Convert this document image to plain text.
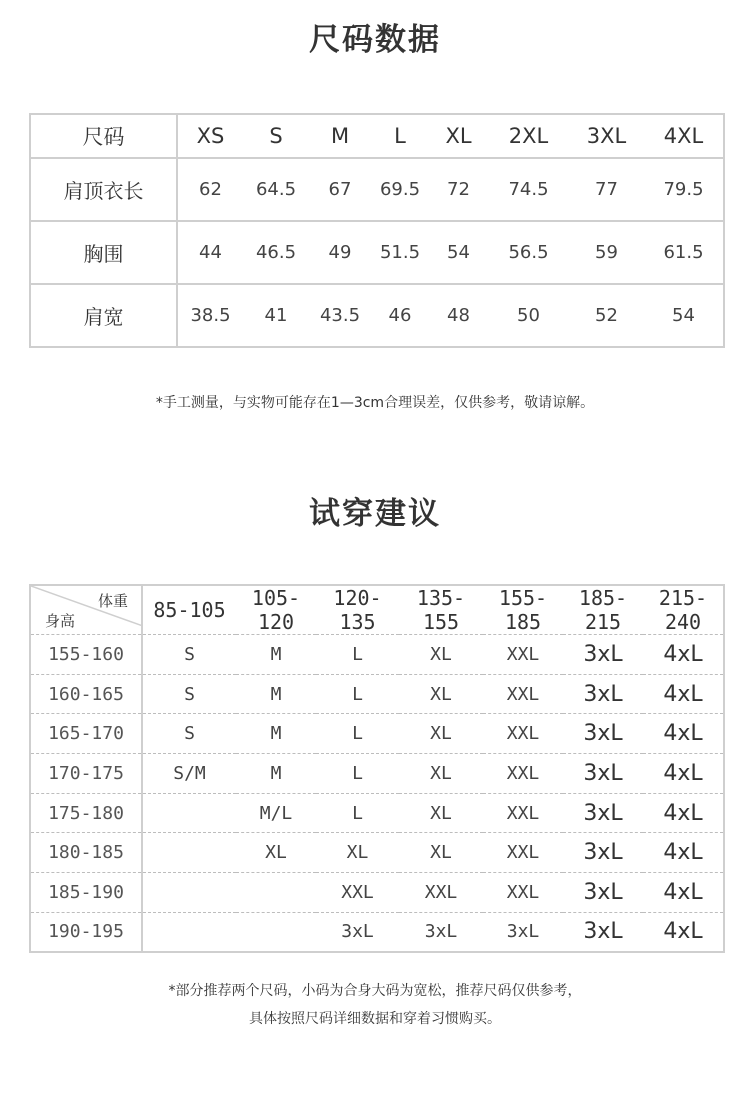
尺码数据
尺码	XS	S	M	L	XL	2XL	3XL	4XL
肩顶衣长	62	64.5	67	69.5	72	74.5	77	79.5
胸围	44	46.5	49	51.5	54	56.5	59	61.5
肩宽	38.5	41	43.5	46	48	50	52	54
*手工测量，与实物可能存在1—3cm合理误差，仅供参考，敬请谅解。
试穿建议
体重
身高	85-105	105-120	120-135	135-155	155-185	185-215	215-240
155-160	S	M	L	XL	XXL	3xL	4xL
160-165	S	M	L	XL	XXL	3xL	4xL
165-170	S	M	L	XL	XXL	3xL	4xL
170-175	S/M	M	L	XL	XXL	3xL	4xL
175-180		M/L	L	XL	XXL	3xL	4xL
180-185		XL	XL	XL	XXL	3xL	4xL
185-190			XXL	XXL	XXL	3xL	4xL
190-195			3xL	3xL	3xL	3xL	4xL
*部分推荐两个尺码，小码为合身大码为宽松，推荐尺码仅供参考，
具体按照尺码详细数据和穿着习惯购买。
